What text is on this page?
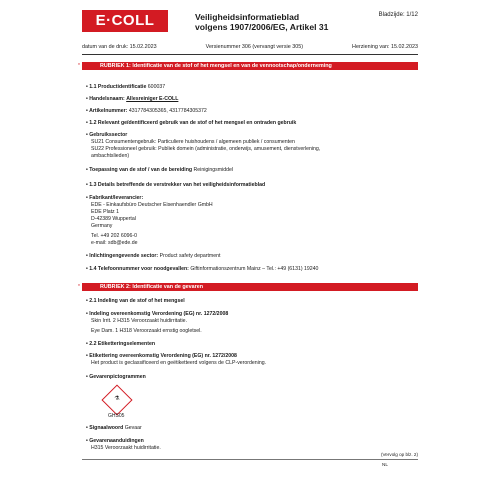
E·COLL	Veiligheidsinformatieblad
volgens 1907/2006/EG, Artikel 31
Bladzijde: 1/12
datum van de druk: 15.02.2023	Versienummer 306 (vervangt versie 305)	Herziening van: 15.02.2023
RUBRIEK 1: Identificatie van de stof of het mengsel en van de vennootschap/onderneming
*
• 1.1 Productidentificatie 600037
• Handelsnaam: Allesreiniger E-COLL
• Artikelnummer: 4317784305365, 4317784305372
• 1.2 Relevant geïdentificeerd gebruik van de stof of het mengsel en ontraden gebruik
• Gebruikssector
SU21 Consumentengebruik: Particuliere huishoudens / algemeen publiek / consumenten
SU22 Professioneel gebruik: Publiek domein (administratie, onderwijs, amusement, dienstverlening,
ambachtslieden)
• Toepassing van de stof / van de bereiding Reinigingsmiddel
• 1.3 Details betreffende de verstrekker van het veiligheidsinformatieblad
• Fabrikant/leverancier:
EDE - Einkaufsbüro Deutscher Eisenhaendler GmbH
EDE Platz 1
D-42389 Wuppertal
Germany
Tel. +49 202 6096-0
e-mail: sdb@ede.de
• Inlichtingengevende sector: Product safety department
• 1.4 Telefoonnummer voor noodgevallen: Giftinformationszentrum Mainz – Tel.: +49 (6131) 19240
RUBRIEK 2: Identificatie van de gevaren
*
• 2.1 Indeling van de stof of het mengsel
• Indeling overeenkomstig Verordening (EG) nr. 1272/2008
Skin Irrit. 2 H315 Veroorzaakt huidirritatie.
Eye Dam. 1 H318 Veroorzaakt ernstig oogletsel.
• 2.2 Etiketteringselementen
• Etikettering overeenkomstig Verordening (EG) nr. 1272/2008
Het product is geclassificeerd en geëtiketteerd volgens de CLP-verordening.
• Gevarenpictogrammen
⚗
GHS05
• Signaalwoord Gevaar
• Gevarenaanduidingen
H315 Veroorzaakt huidirritatie.
(Vervolg op blz. 2)
NL
